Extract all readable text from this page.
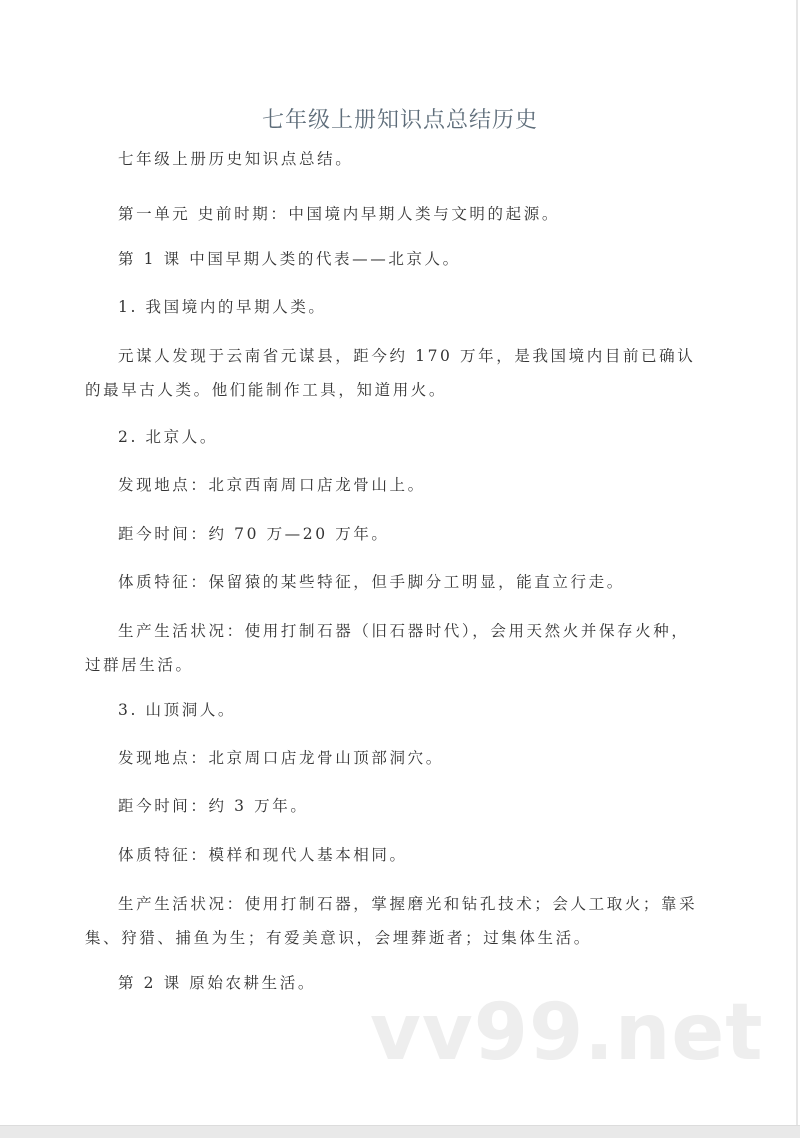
七年级上册知识点总结历史

七年级上册历史知识点总结。

第一单元 史前时期：中国境内早期人类与文明的起源。

第 1 课 中国早期人类的代表——北京人。

1. 我国境内的早期人类。

元谋人发现于云南省元谋县，距今约 170 万年，是我国境内目前已确认的最早古人类。他们能制作工具，知道用火。

2. 北京人。

发现地点：北京西南周口店龙骨山上。

距今时间：约 70 万—20 万年。

体质特征：保留猿的某些特征，但手脚分工明显，能直立行走。

生产生活状况：使用打制石器（旧石器时代），会用天然火并保存火种，过群居生活。

3. 山顶洞人。

发现地点：北京周口店龙骨山顶部洞穴。

距今时间：约 3 万年。

体质特征：模样和现代人基本相同。

生产生活状况：使用打制石器，掌握磨光和钻孔技术；会人工取火；靠采集、狩猎、捕鱼为生；有爱美意识，会埋葬逝者；过集体生活。

第 2 课 原始农耕生活。

vv99.net
